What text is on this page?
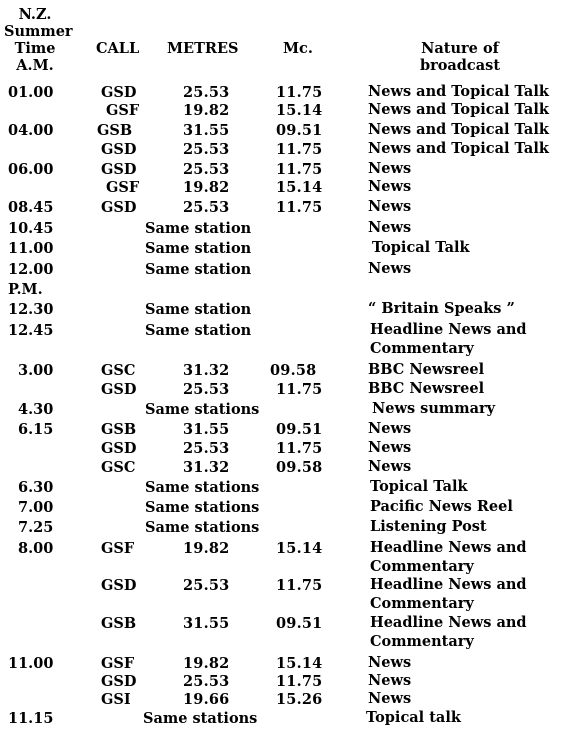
N.Z.
Summer
Time
A.M.
CALL	METRES	Mc.	Nature of
broadcast
01.00	GSD	25.53	11.75	News and Topical Talk
GSF	19.82	15.14	News and Topical Talk
04.00	GSB	31.55	09.51	News and Topical Talk
GSD	25.53	11.75	News and Topical Talk
06.00	GSD	25.53	11.75	News
GSF	19.82	15.14	News
08.45	GSD	25.53	11.75	News
10.45	Same station	News
11.00	Same station	Topical Talk
12.00	Same station	News
P.M.
12.30	Same station	“ Britain Speaks ”
12.45	Same station	Headline News and Commentary
3.00	GSC	31.32	09.58	BBC Newsreel
GSD	25.53	11.75	BBC Newsreel
4.30	Same stations	News summary
6.15	GSB	31.55	09.51	News
GSD	25.53	11.75	News
GSC	31.32	09.58	News
6.30	Same stations	Topical Talk
7.00	Same stations	Pacific News Reel
7.25	Same stations	Listening Post
8.00	GSF	19.82	15.14	Headline News and Commentary
GSD	25.53	11.75	Headline News and Commentary
GSB	31.55	09.51	Headline News and Commentary
11.00	GSF	19.82	15.14	News
GSD	25.53	11.75	News
GSI	19.66	15.26	News
11.15	Same stations	Topical talk
